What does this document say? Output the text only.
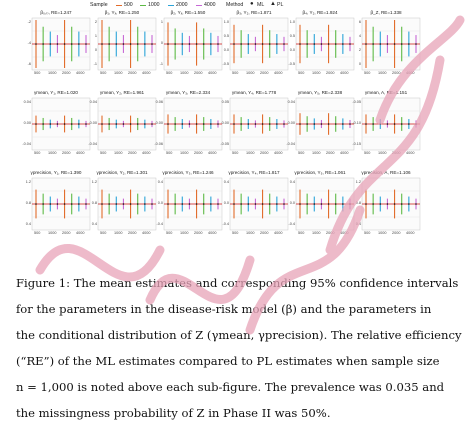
Sample	500	1000	2000	4000 Method ● ML ▲ PL
β₀,₍₎, RE=1.247
-2
-4
-6
500 1000 2000 4000
β₁, Yₓ, RE=1.250
2
1
0
-1
500 1000 2000 4000
β₂, Yₓ, RE=1.550
1
0
-1
500 1000 2000 4000
β₃, Y₂, RE=1.871
1.0
0.5
0.0
-0.5
500 1000 2000 4000
β₄, Y₂, RE=1.924
1.0
0.5
0.0
-0.5
500 1000 2000 4000
β_Z, RE=1.338
6
4
2
0
500 1000 2000 4000
γmean, Y₁, RE=1.020
0.04
0.00
-0.04
500 1000 2000 4000
γmean, Y₂, RE=1.961
0.04
0.00
-0.04
500 1000 2000 4000
γmean, Y₃, RE=2.334
0.06
0.00
-0.06
500 1000 2000 4000
γmean, Y₄, RE=1.778
0.05
0.00
-0.05
500 1000 2000 4000
γmean, Y₅, RE=2.338
0.04
0.00
-0.04
500 1000 2000 4000
γmean, A, RE=1.151
-0.05
-0.10
-0.15
500 1000 2000 4000
γprecision, Y₁, RE=1.390
1.2
0.8
0.4
500 1000 2000 4000
γprecision, Y₂, RE=1.301
1.2
0.8
0.4
500 1000 2000 4000
γprecision, Y₃, RE=1.246
0.4
0.0
-0.4
500 1000 2000 4000
γprecision, Y₄, RE=1.817
0.4
0.0
-0.4
500 1000 2000 4000
γprecision, Y₅, RE=1.061
0.4
0.0
-0.4
500 1000 2000 4000
γprecision, A, RE=1.106
1.2
0.8
0.4
500 1000 2000 4000
Figure 1: The mean estimates and corresponding 95% confidence intervals
for the parameters in the disease-risk model (β) and the parameters in
the conditional distribution of Z (γmean, γprecision). The relative efficiency
(“RE”) of the ML estimates compared to PL estimates when sample size
n = 1,000 is noted above each sub-figure. The prevalence was 0.035 and
the missingness probability of Z in Phase II was 50%.
